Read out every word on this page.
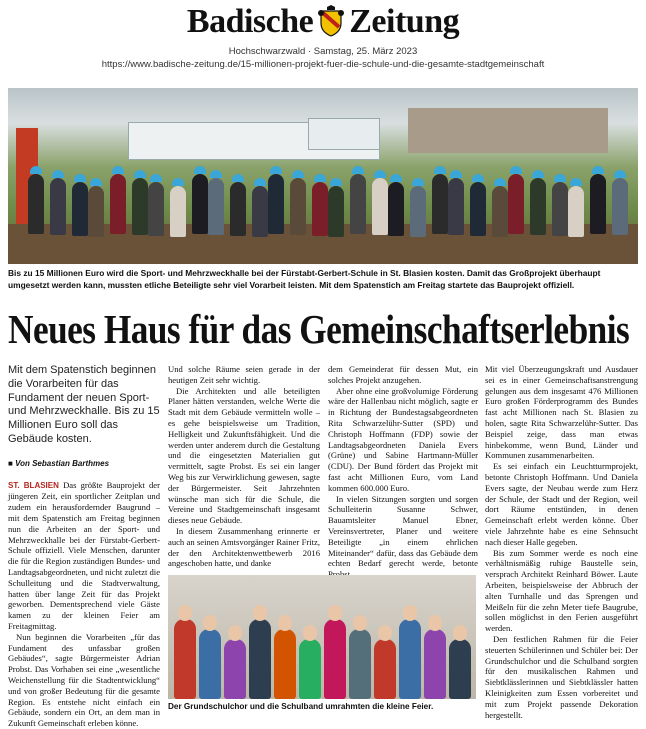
Badische Zeitung
Hochschwarzwald · Samstag, 25. März 2023
https://www.badische-zeitung.de/15-millionen-projekt-fuer-die-schule-und-die-gesamte-stadtgemeinschaft
Bis zu 15 Millionen Euro wird die Sport- und Mehrzweckhalle bei der Fürstabt-Gerbert-Schule in St. Blasien kosten. Damit das Großprojekt überhaupt umgesetzt werden kann, mussten etliche Beteiligte sehr viel Vorarbeit leisten. Mit dem Spatenstich am Freitag startete das Bauprojekt offiziell.
Neues Haus für das Gemeinschaftserlebnis
Mit dem Spatenstich beginnen die Vorarbeiten für das Fundament der neuen Sport- und Mehrzweckhalle. Bis zu 15 Millionen Euro soll das Gebäude kosten.
■ Von Sebastian Barthmes

ST. BLASIEN Das größte Bauprojekt der jüngeren Zeit, ein sportlicher Zeitplan und zudem ein herausfordernder Baugrund – mit dem Spatenstich am Freitag beginnen nun die Arbeiten an der Sport- und Mehrzweckhalle bei der Fürstabt-Gerbert-Schule offiziell. Viele Menschen, darunter die für die Region zuständigen Bundes- und Landtagsabgeordneten, und nicht zuletzt die Schulleitung und die Stadtverwaltung, hatten über lange Zeit für das Projekt geworben. Dementsprechend viele Gäste kamen zu der kleinen Feier am Freitagmittag.

Nun beginnen die Vorarbeiten „für das Fundament des unfassbar großen Gebäudes“, sagte Bürgermeister Adrian Probst. Das Vorhaben sei eine „wesentliche Weichenstellung für die Stadtentwicklung“ und von großer Bedeutung für die gesamte Region. Es entstehe nicht einfach ein Gebäude, sondern ein Ort, an dem man in Zukunft Gemeinschaft erleben könne.

Und solche Räume seien gerade in der heutigen Zeit sehr wichtig.

Die Architekten und alle beteiligten Planer hätten verstanden, welche Werte die Stadt mit dem Gebäude vermitteln wolle – es gehe beispielsweise um Tradition, Helligkeit und Zukunftsfähigkeit. Und die werden unter anderem durch die Gestaltung und die eingesetzten Materialien gut vermittelt, sagte Probst. Es sei ein langer Weg bis zur Verwirklichung gewesen, sagte der Bürgermeister. Seit Jahrzehnten wünsche man sich für die Schule, die Vereine und Stadtgemeinschaft insgesamt dieses neue Gebäude.

In diesem Zusammenhang erinnerte er auch an seinen Amtsvorgänger Rainer Fritz, der den Architektenwettbewerb 2016 angeschoben hatte, und danke

dem Gemeinderat für dessen Mut, ein solches Projekt anzugehen.

Aber ohne eine großvolumige Förderung wäre der Hallenbau nicht möglich, sagte er in Richtung der Bundestagsabgeordneten Rita Schwarzelühr-Sutter (SPD) und Christoph Hoffmann (FDP) sowie der Landtagsabgeordneten Daniela Evers (Grüne) und Sabine Hartmann-Müller (CDU). Der Bund fördert das Projekt mit fast acht Millionen Euro, vom Land kommen 600.000 Euro.

In vielen Sitzungen sorgten und sorgen Schulleiterin Susanne Schwer, Bauamtsleiter Manuel Ebner, Vereinsvertreter, Planer und weitere Beteiligte „in einem ehrlichen Miteinander“ dafür, dass das Gebäude dem echten Bedarf gerecht werde, betonte

Mit viel Überzeugungskraft und Ausdauer sei es in einer Gemeinschaftsanstrengung gelungen aus dem insgesamt 476 Millionen Euro großen Förderprogramm des Bundes fast acht Millionen nach St. Blasien zu holen, sagte Rita Schwarzelühr-Sutter. Das Beispiel zeige, dass man etwas hinbekomme, wenn Bund, Länder und Kommunen zusammenarbeiten.

Es sei einfach ein Leuchtturmprojekt, betonte Christoph Hoffmann. Und Daniela Evers sagte, der Neubau werde zum Herz der Schule, der Stadt und der Region, weil dort Räume entstünden, in denen Gemeinschaft erlebt werden könne. Über viele Jahrzehnte habe es eine Sehnsucht nach dieser Halle gegeben.

Bis zum Sommer werde es noch eine verhältnismäßig ruhige Baustelle sein, versprach Architekt Reinhard Böwer. Laute Arbeiten, beispielsweise der Abbruch der alten Turnhalle und das Sprengen und Meißeln für die zehn Meter tiefe Baugrube, sollen möglichst in den Ferien ausgeführt werden.

Den festlichen Rahmen für die Feier steuerten Schülerinnen und Schüler bei: Der Grundschulchor und die Schulband sorgten für den musikalischen Rahmen und Siebtklässlerinnen und Siebtklässler hatten Kleinigkeiten zum Essen vorbereitet und mit zum Projekt passende Dekoration hergestellt.

Der Grundschulchor und die Schulband umrahmten die kleine Feier.
